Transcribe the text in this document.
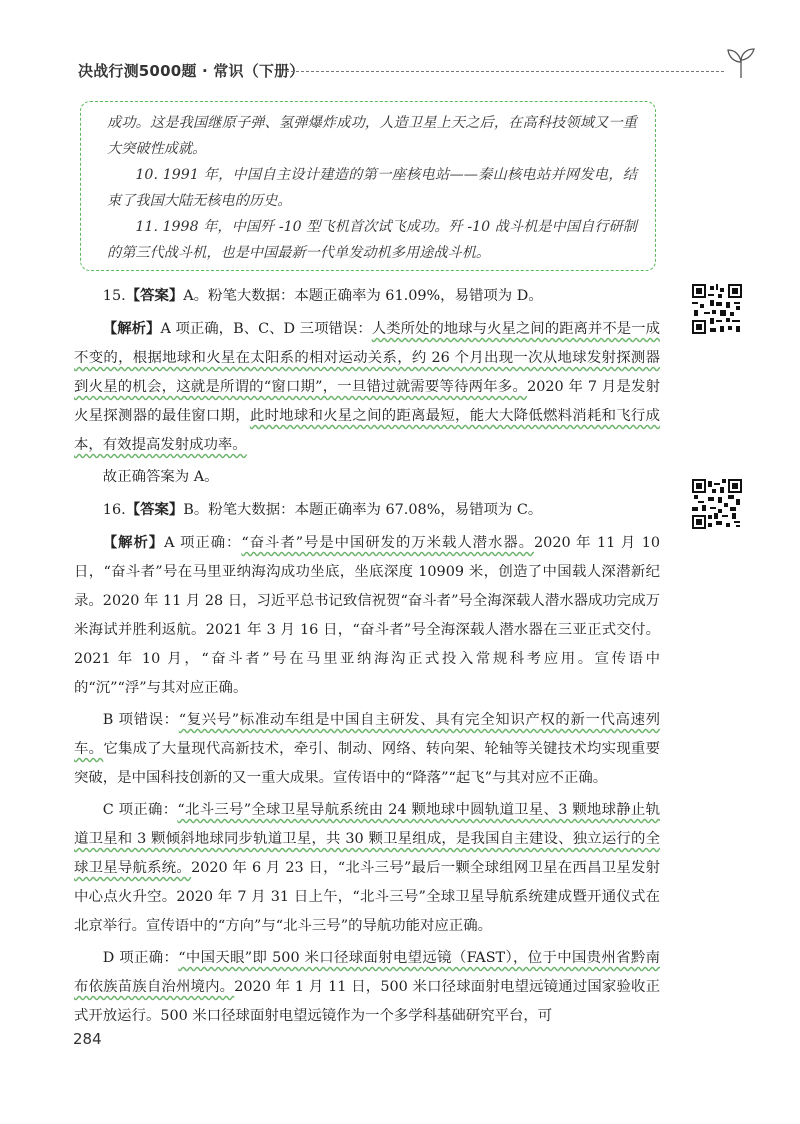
决战行测5000题 · 常识（下册）

成功。这是我国继原子弹、氢弹爆炸成功，人造卫星上天之后，在高科技领域又一重大突破性成就。

10. 1991 年，中国自主设计建造的第一座核电站——秦山核电站并网发电，结束了我国大陆无核电的历史。

11. 1998 年，中国歼 -10 型飞机首次试飞成功。歼 -10 战斗机是中国自行研制的第三代战斗机，也是中国最新一代单发动机多用途战斗机。

15.【答案】A。粉笔大数据：本题正确率为 61.09%，易错项为 D。

【解析】A 项正确，B、C、D 三项错误：人类所处的地球与火星之间的距离并不是一成不变的，根据地球和火星在太阳系的相对运动关系，约 26 个月出现一次从地球发射探测器到火星的机会，这就是所谓的“窗口期”，一旦错过就需要等待两年多。2020 年 7 月是发射火星探测器的最佳窗口期，此时地球和火星之间的距离最短，能大大降低燃料消耗和飞行成本，有效提高发射成功率。

故正确答案为 A。

16.【答案】B。粉笔大数据：本题正确率为 67.08%，易错项为 C。

【解析】A 项正确：“奋斗者”号是中国研发的万米载人潜水器。2020 年 11 月 10 日，“奋斗者”号在马里亚纳海沟成功坐底，坐底深度 10909 米，创造了中国载人深潜新纪录。2020 年 11 月 28 日，习近平总书记致信祝贺“奋斗者”号全海深载人潜水器成功完成万米海试并胜利返航。2021 年 3 月 16 日，“奋斗者”号全海深载人潜水器在三亚正式交付。2021 年 10 月，“奋斗者”号在马里亚纳海沟正式投入常规科考应用。宣传语中的“沉”“浮”与其对应正确。

B 项错误：“复兴号”标准动车组是中国自主研发、具有完全知识产权的新一代高速列车。它集成了大量现代高新技术，牵引、制动、网络、转向架、轮轴等关键技术均实现重要突破，是中国科技创新的又一重大成果。宣传语中的“降落”“起飞”与其对应不正确。

C 项正确：“北斗三号”全球卫星导航系统由 24 颗地球中圆轨道卫星、3 颗地球静止轨道卫星和 3 颗倾斜地球同步轨道卫星，共 30 颗卫星组成，是我国自主建设、独立运行的全球卫星导航系统。2020 年 6 月 23 日，“北斗三号”最后一颗全球组网卫星在西昌卫星发射中心点火升空。2020 年 7 月 31 日上午，“北斗三号”全球卫星导航系统建成暨开通仪式在北京举行。宣传语中的“方向”与“北斗三号”的导航功能对应正确。

D 项正确：“中国天眼”即 500 米口径球面射电望远镜（FAST），位于中国贵州省黔南布依族苗族自治州境内。2020 年 1 月 11 日，500 米口径球面射电望远镜通过国家验收正式开放运行。500 米口径球面射电望远镜作为一个多学科基础研究平台，可

284
